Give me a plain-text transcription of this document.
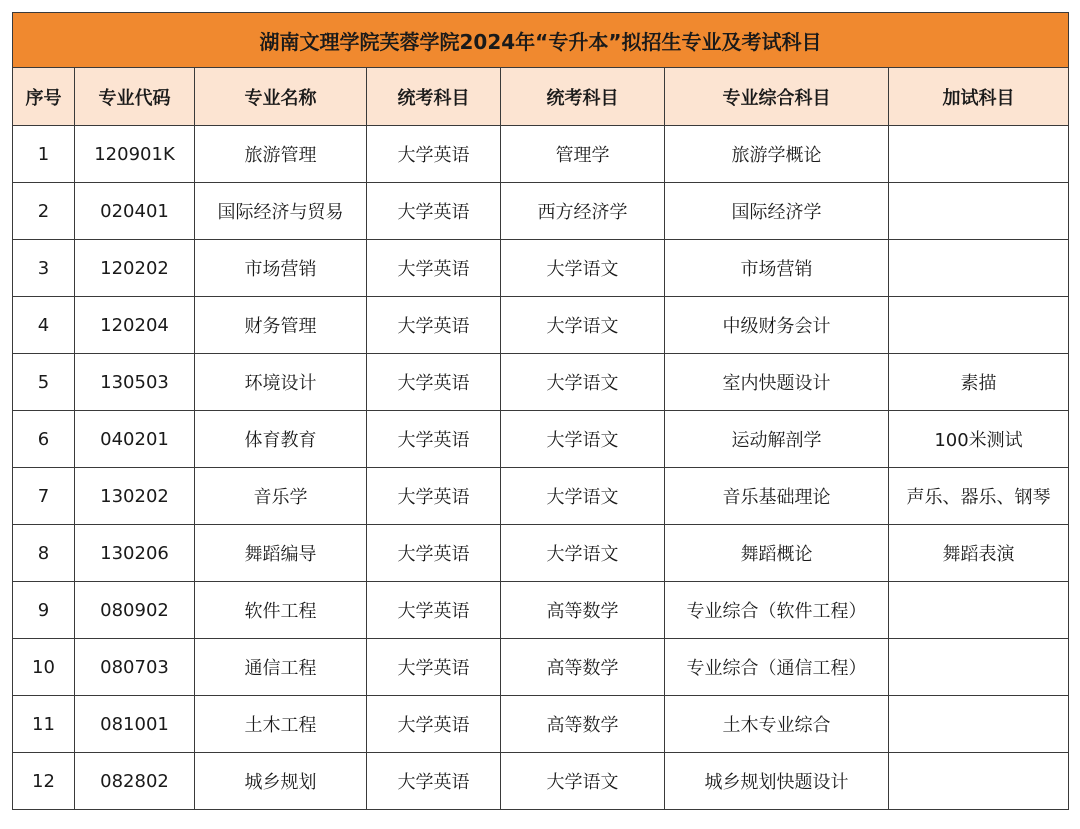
湖南文理学院芙蓉学院2024年“专升本”拟招生专业及考试科目						
序号	专业代码	专业名称	统考科目	统考科目	专业综合科目	加试科目
1	120901K	旅游管理	大学英语	管理学	旅游学概论	
2	020401	国际经济与贸易	大学英语	西方经济学	国际经济学	
3	120202	市场营销	大学英语	大学语文	市场营销	
4	120204	财务管理	大学英语	大学语文	中级财务会计	
5	130503	环境设计	大学英语	大学语文	室内快题设计	素描
6	040201	体育教育	大学英语	大学语文	运动解剖学	100米测试
7	130202	音乐学	大学英语	大学语文	音乐基础理论	声乐、器乐、钢琴
8	130206	舞蹈编导	大学英语	大学语文	舞蹈概论	舞蹈表演
9	080902	软件工程	大学英语	高等数学	专业综合（软件工程）	
10	080703	通信工程	大学英语	高等数学	专业综合（通信工程）	
11	081001	土木工程	大学英语	高等数学	土木专业综合	
12	082802	城乡规划	大学英语	大学语文	城乡规划快题设计	
